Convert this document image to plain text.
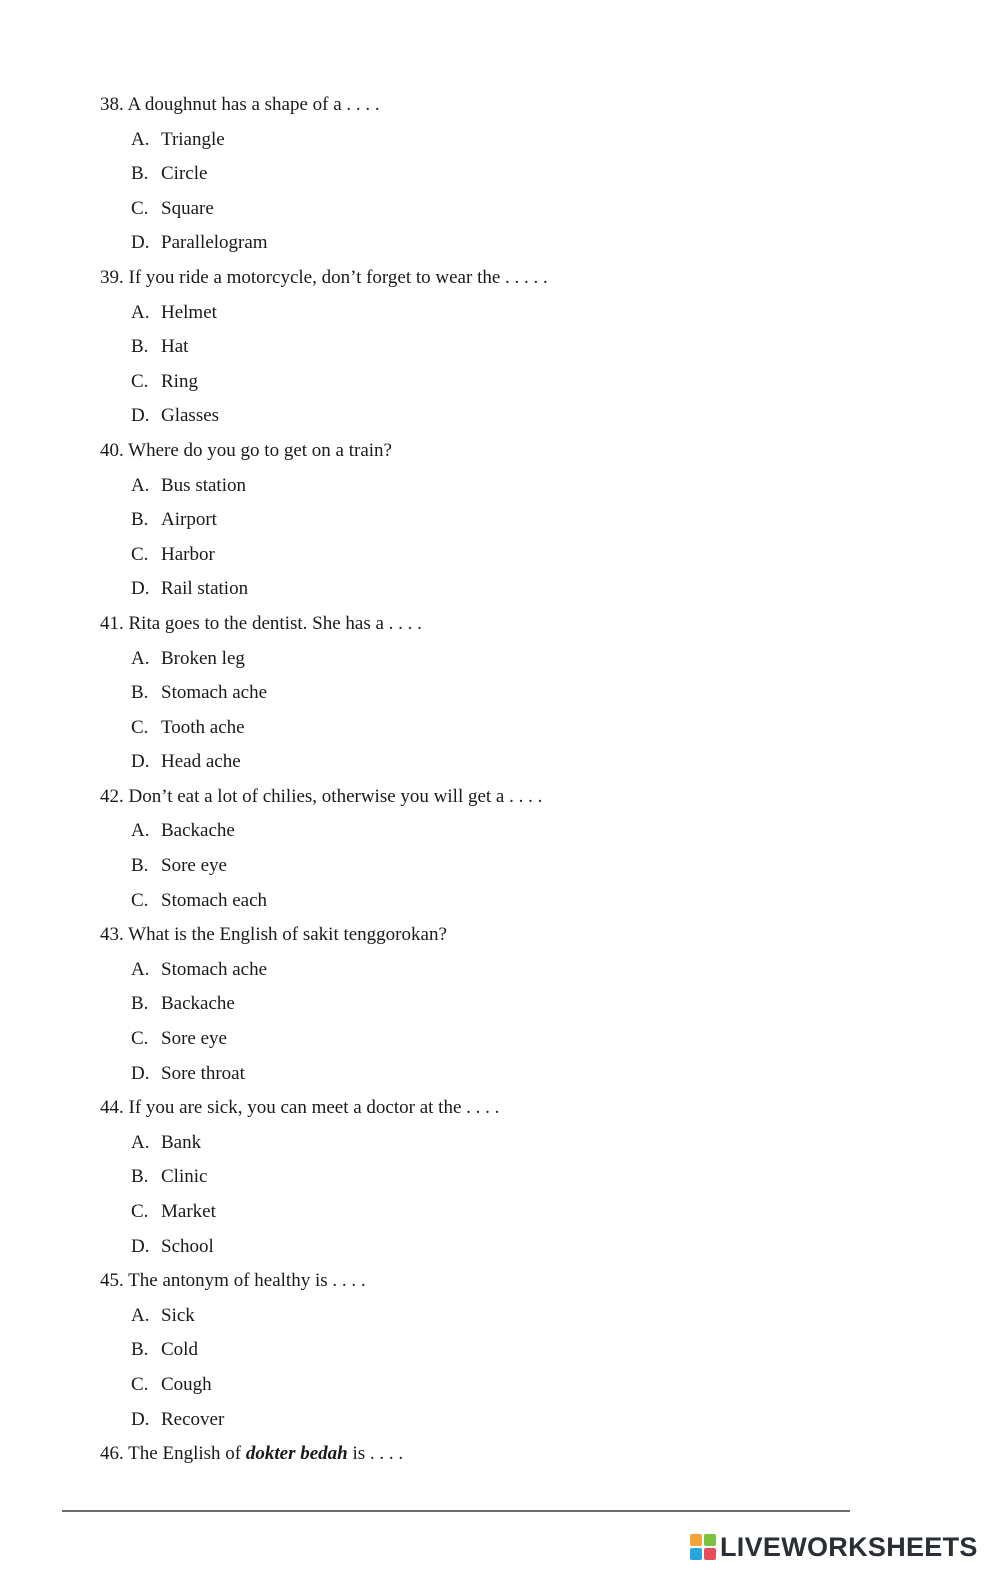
38. A doughnut has a shape of a . . . .
A. Triangle
B. Circle
C. Square
D. Parallelogram
39. If you ride a motorcycle, don’t forget to wear the . . . . .
A. Helmet
B. Hat
C. Ring
D. Glasses
40. Where do you go to get on a train?
A. Bus station
B. Airport
C. Harbor
D. Rail station
41. Rita goes to the dentist. She has a . . . .
A. Broken leg
B. Stomach ache
C. Tooth ache
D. Head ache
42. Don’t eat a lot of chilies, otherwise you will get a . . . .
A. Backache
B. Sore eye
C. Stomach each
43. What is the English of sakit tenggorokan?
A. Stomach ache
B. Backache
C. Sore eye
D. Sore throat
44. If you are sick, you can meet a doctor at the . . . .
A. Bank
B. Clinic
C. Market
D. School
45. The antonym of healthy is . . . .
A. Sick
B. Cold
C. Cough
D. Recover
46. The English of dokter bedah is . . . .
LIVEWORKSHEETS
